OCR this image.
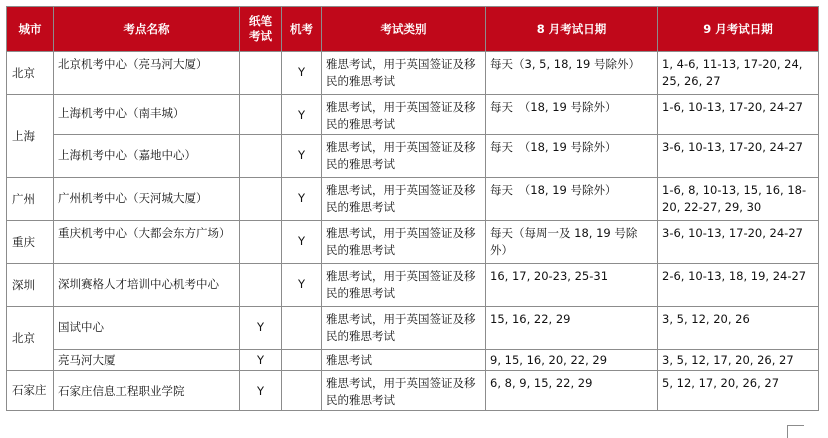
城市	考点名称	纸笔考试	机考	考试类别	8 月考试日期	9 月考试日期
北京	北京机考中心（亮马河大厦）		Y	雅思考试，用于英国签证及移民的雅思考试	每天（3, 5, 18, 19 号除外）	1, 4-6, 11-13, 17-20, 24, 25, 26, 27
上海	上海机考中心（南丰城）		Y	雅思考试，用于英国签证及移民的雅思考试	每天　（18, 19 号除外）	1-6, 10-13, 17-20, 24-27
	上海机考中心（嘉地中心）		Y	雅思考试，用于英国签证及移民的雅思考试	每天　（18, 19 号除外）	3-6, 10-13, 17-20, 24-27
广州	广州机考中心（天河城大厦）		Y	雅思考试，用于英国签证及移民的雅思考试	每天　（18, 19 号除外）	1-6, 8, 10-13, 15, 16, 18-20, 22-27, 29, 30
重庆	重庆机考中心（大都会东方广场）		Y	雅思考试，用于英国签证及移民的雅思考试	每天（每周一及 18, 19 号除外）	3-6, 10-13, 17-20, 24-27
深圳	深圳赛格人才培训中心机考中心		Y	雅思考试，用于英国签证及移民的雅思考试	16, 17, 20-23, 25-31	2-6, 10-13, 18, 19, 24-27
北京	国试中心	Y		雅思考试，用于英国签证及移民的雅思考试	15, 16, 22, 29	3, 5, 12, 20, 26
	亮马河大厦	Y		雅思考试	9, 15, 16, 20, 22, 29	3, 5, 12, 17, 20, 26, 27
石家庄	石家庄信息工程职业学院	Y		雅思考试，用于英国签证及移民的雅思考试	6, 8, 9, 15, 22, 29	5, 12, 17, 20, 26, 27
